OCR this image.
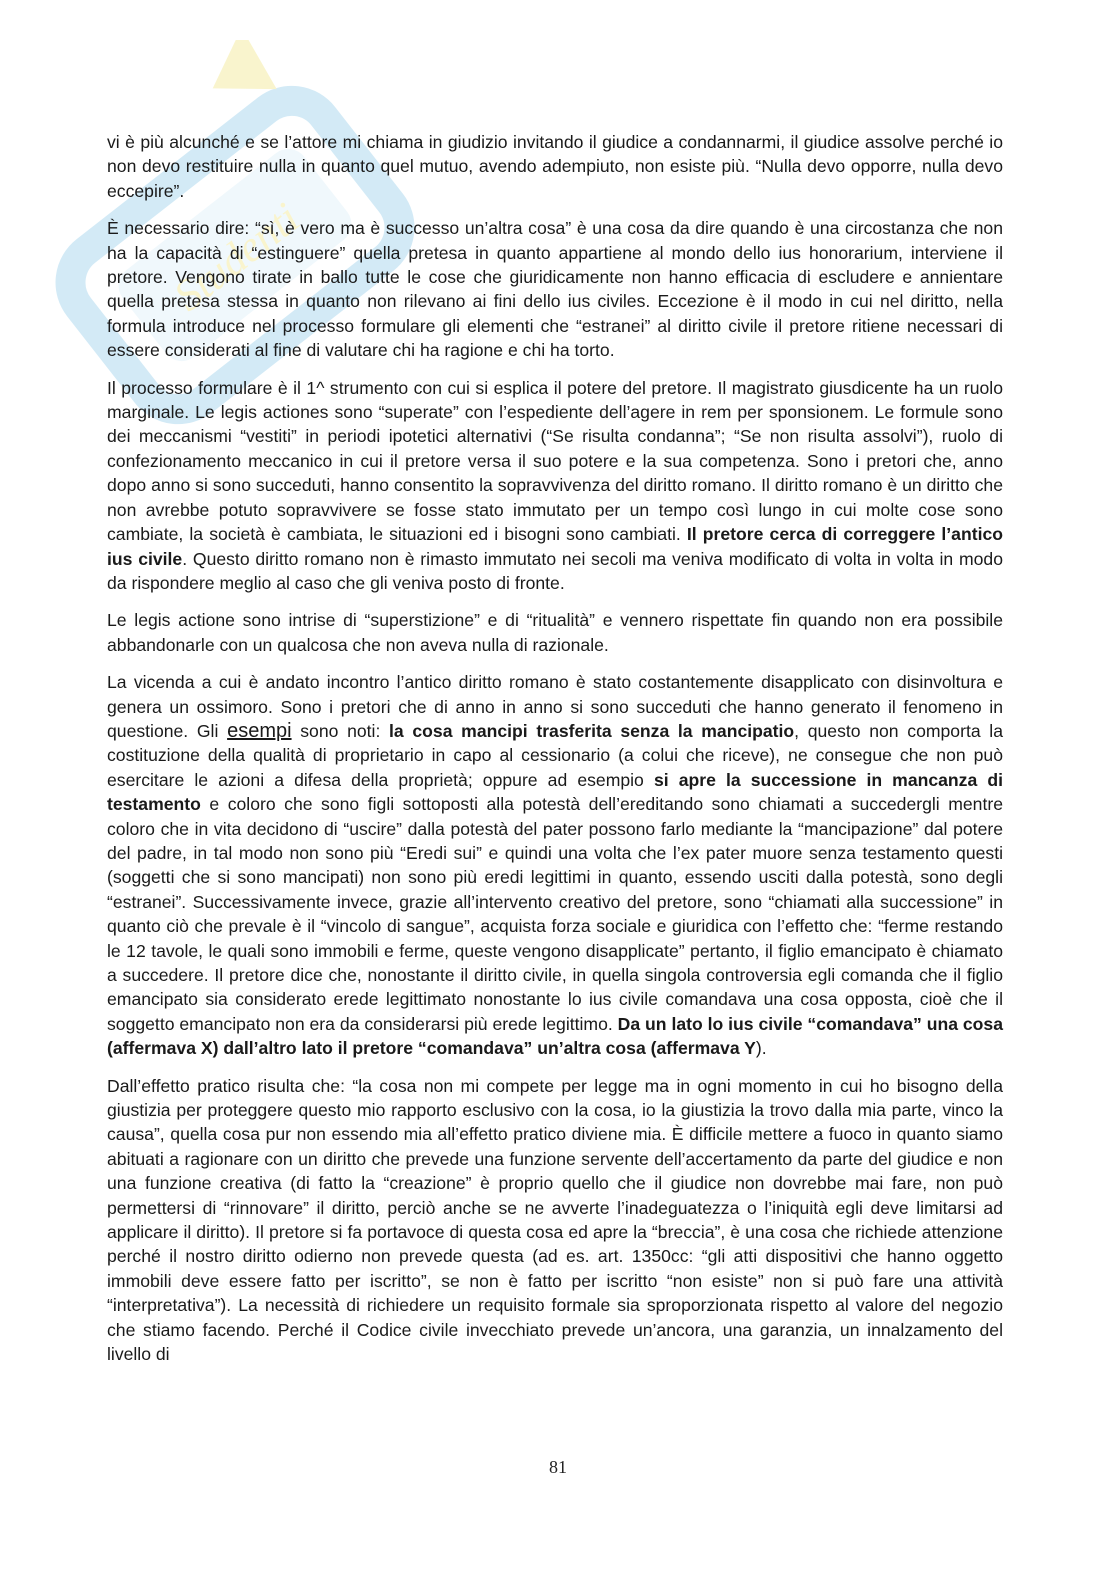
Studenti

vi è più alcunché e se l’attore mi chiama in giudizio invitando il giudice a condannarmi, il giudice assolve perché io non devo restituire nulla in quanto quel mutuo, avendo adempiuto, non esiste più. “Nulla devo opporre, nulla devo eccepire”.

È necessario dire: “sì, è vero ma è successo un’altra cosa” è una cosa da dire quando è una circostanza che non ha la capacità di “estinguere” quella pretesa in quanto appartiene al mondo dello ius honorarium, interviene il pretore. Vengono tirate in ballo tutte le cose che giuridicamente non hanno efficacia di escludere e annientare quella pretesa stessa in quanto non rilevano ai fini dello ius civiles. Eccezione è il modo in cui nel diritto, nella formula introduce nel processo formulare gli elementi che “estranei” al diritto civile il pretore ritiene necessari di essere considerati al fine di valutare chi ha ragione e chi ha torto.

Il processo formulare è il 1^ strumento con cui si esplica il potere del pretore. Il magistrato giusdicente ha un ruolo marginale. Le legis actiones sono “superate” con l’espediente dell’agere in rem per sponsionem. Le formule sono dei meccanismi “vestiti” in periodi ipotetici alternativi (“Se risulta condanna”; “Se non risulta assolvi”), ruolo di confezionamento meccanico in cui il pretore versa il suo potere e la sua competenza. Sono i pretori che, anno dopo anno si sono succeduti, hanno consentito la sopravvivenza del diritto romano. Il diritto romano è un diritto che non avrebbe potuto sopravvivere se fosse stato immutato per un tempo così lungo in cui molte cose sono cambiate, la società è cambiata, le situazioni ed i bisogni sono cambiati. Il pretore cerca di correggere l’antico ius civile. Questo diritto romano non è rimasto immutato nei secoli ma veniva modificato di volta in volta in modo da rispondere meglio al caso che gli veniva posto di fronte.

Le legis actione sono intrise di “superstizione” e di “ritualità” e vennero rispettate fin quando non era possibile abbandonarle con un qualcosa che non aveva nulla di razionale.

La vicenda a cui è andato incontro l’antico diritto romano è stato costantemente disapplicato con disinvoltura e genera un ossimoro. Sono i pretori che di anno in anno si sono succeduti che hanno generato il fenomeno in questione. Gli esempi sono noti: la cosa mancipi trasferita senza la mancipatio, questo non comporta la costituzione della qualità di proprietario in capo al cessionario (a colui che riceve), ne consegue che non può esercitare le azioni a difesa della proprietà; oppure ad esempio si apre la successione in mancanza di testamento e coloro che sono figli sottoposti alla potestà dell’ereditando sono chiamati a succedergli mentre coloro che in vita decidono di “uscire” dalla potestà del pater possono farlo mediante la “mancipazione” dal potere del padre, in tal modo non sono più “Eredi sui” e quindi una volta che l’ex pater muore senza testamento questi (soggetti che si sono mancipati) non sono più eredi legittimi in quanto, essendo usciti dalla potestà, sono degli “estranei”. Successivamente invece, grazie all’intervento creativo del pretore, sono “chiamati alla successione” in quanto ciò che prevale è il “vincolo di sangue”, acquista forza sociale e giuridica con l’effetto che: “ferme restando le 12 tavole, le quali sono immobili e ferme, queste vengono disapplicate” pertanto, il figlio emancipato è chiamato a succedere. Il pretore dice che, nonostante il diritto civile, in quella singola controversia egli comanda che il figlio emancipato sia considerato erede legittimato nonostante lo ius civile comandava una cosa opposta, cioè che il soggetto emancipato non era da considerarsi più erede legittimo. Da un lato lo ius civile “comandava” una cosa (affermava X) dall’altro lato il pretore “comandava” un’altra cosa (affermava Y).

Dall’effetto pratico risulta che: “la cosa non mi compete per legge ma in ogni momento in cui ho bisogno della giustizia per proteggere questo mio rapporto esclusivo con la cosa, io la giustizia la trovo dalla mia parte, vinco la causa”, quella cosa pur non essendo mia all’effetto pratico diviene mia. È difficile mettere a fuoco in quanto siamo abituati a ragionare con un diritto che prevede una funzione servente dell’accertamento da parte del giudice e non una funzione creativa (di fatto la “creazione” è proprio quello che il giudice non dovrebbe mai fare, non può permettersi di “rinnovare” il diritto, perciò anche se ne avverte l’inadeguatezza o l’iniquità egli deve limitarsi ad applicare il diritto). Il pretore si fa portavoce di questa cosa ed apre la “breccia”, è una cosa che richiede attenzione perché il nostro diritto odierno non prevede questa (ad es. art. 1350cc: “gli atti dispositivi che hanno oggetto immobili deve essere fatto per iscritto”, se non è fatto per iscritto “non esiste” non si può fare una attività “interpretativa”). La necessità di richiedere un requisito formale sia sproporzionata rispetto al valore del negozio che stiamo facendo. Perché il Codice civile invecchiato prevede un’ancora, una garanzia, un innalzamento del livello di

81
